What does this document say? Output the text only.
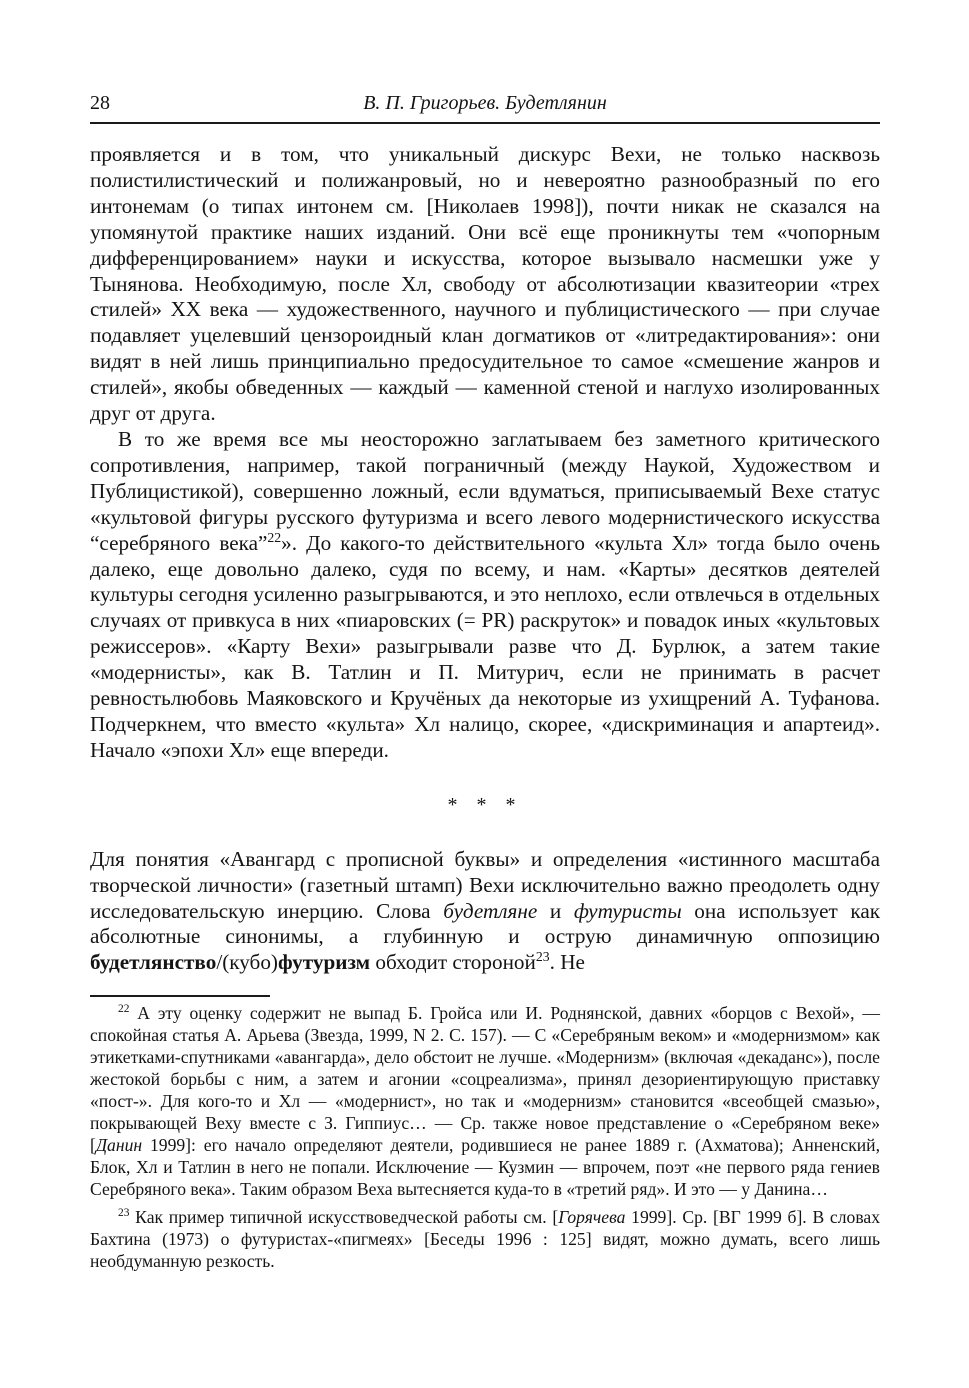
28	В. П. Григорьев. Будетлянин

проявляется и в том, что уникальный дискурс Вехи, не только насквозь полистилистический и полижанровый, но и невероятно разнообразный по его интонемам (о типах интонем см. [Николаев 1998]), почти никак не сказался на упомянутой практике наших изданий. Они всё еще проникнуты тем «чопорным дифференцированием» науки и искусства, которое вызывало насмешки уже у Тынянова. Необходимую, после Хл, свободу от абсолютизации квазитеории «трех стилей» XX века — художественного, научного и публицистического — при случае подавляет уцелевший цензороидный клан догматиков от «литредактирования»: они видят в ней лишь принципиально предосудительное то самое «смешение жанров и стилей», якобы обведенных — каждый — каменной стеной и наглухо изолированных друг от друга.

В то же время все мы неосторожно заглатываем без заметного критического сопротивления, например, такой пограничный (между Наукой, Художеством и Публицистикой), совершенно ложный, если вдуматься, приписываемый Вехе статус «культовой фигуры русского футуризма и всего левого модернистического искусства “серебряного века”$^{22}$». До какого-то действительного «культа Хл» тогда было очень далеко, еще довольно далеко, судя по всему, и нам. «Карты» десятков деятелей культуры сегодня усиленно разыгрываются, и это неплохо, если отвлечься в отдельных случаях от привкуса в них «пиаровских (= PR) раскруток» и повадок иных «культовых режиссеров». «Карту Вехи» разыгрывали разве что Д. Бурлюк, а затем такие «модернисты», как В. Татлин и П. Митурич, если не принимать в расчет ревностьлюбовь Маяковского и Кручёных да некоторые из ухищрений А. Туфанова. Подчеркнем, что вместо «культа» Хл налицо, скорее, «дискриминация и апартеид». Начало «эпохи Хл» еще впереди.

* * *

Для понятия «Авангард с прописной буквы» и определения «истинного масштаба творческой личности» (газетный штамп) Вехи исключительно важно преодолеть одну исследовательскую инерцию. Слова будетляне и футуристы она использует как абсолютные синонимы, а глубинную и острую динамичную оппозицию будетлянство/(кубо)футуризм обходит стороной$^{23}$. Не

$^{22}$ А эту оценку содержит не выпад Б. Гройса или И. Роднянской, давних «борцов с Вехой», — спокойная статья А. Арьева (Звезда, 1999, N 2. С. 157). — С «Серебряным веком» и «модернизмом» как этикетками-спутниками «авангарда», дело обстоит не лучше. «Модернизм» (включая «декаданс»), после жестокой борьбы с ним, а затем и агонии «соцреализма», принял дезориентирующую приставку «пост-». Для кого-то и Хл — «модернист», но так и «модернизм» становится «всеобщей смазью», покрывающей Веху вместе с З. Гиппиус… — Ср. также новое представление о «Серебряном веке» [Данин 1999]: его начало определяют деятели, родившиеся не ранее 1889 г. (Ахматова); Анненский, Блок, Хл и Татлин в него не попали. Исключение — Кузмин — впрочем, поэт «не первого ряда гениев Серебряного века». Таким образом Веха вытесняется куда-то в «третий ряд». И это — у Данина…

$^{23}$ Как пример типичной искусствоведческой работы см. [Горячева 1999]. Ср. [ВГ 1999 б]. В словах Бахтина (1973) о футуристах-«пигмеях» [Беседы 1996 : 125] видят, можно думать, всего лишь необдуманную резкость.
